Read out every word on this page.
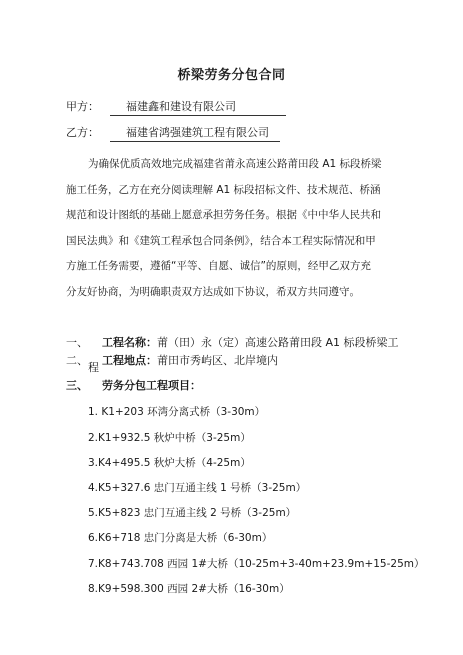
桥梁劳务分包合同
甲方：	福建鑫和建设有限公司
乙方：	福建省鸿强建筑工程有限公司
为确保优质高效地完成福建省莆永高速公路莆田段 A1 标段桥梁
施工任务，乙方在充分阅读理解 A1 标段招标文件、技术规范、桥涵
规范和设计图纸的基础上愿意承担劳务任务。根据《中中华人民共和
国民法典》和《建筑工程承包合同条例》，结合本工程实际情况和甲
方施工任务需要，遵循“平等、自愿、诚信”的原则，经甲乙双方充
分友好协商，为明确职责双方达成如下协议，希双方共同遵守。
一、 工程名称：莆（田）永（定）高速公路莆田段 A1 标段桥梁工
程
二、 工程地点：莆田市秀屿区、北岸境内
三、 劳务分包工程项目：
1. K1+203 环湾分离式桥（3-30m）
2.K1+932.5 秋炉中桥（3-25m）
3.K4+495.5 秋炉大桥（4-25m）
4.K5+327.6 忠门互通主线 1 号桥（3-25m）
5.K5+823 忠门互通主线 2 号桥（3-25m）
6.K6+718 忠门分离是大桥（6-30m）
7.K8+743.708 西园 1#大桥（10-25m+3-40m+23.9m+15-25m）
8.K9+598.300 西园 2#大桥（16-30m）
